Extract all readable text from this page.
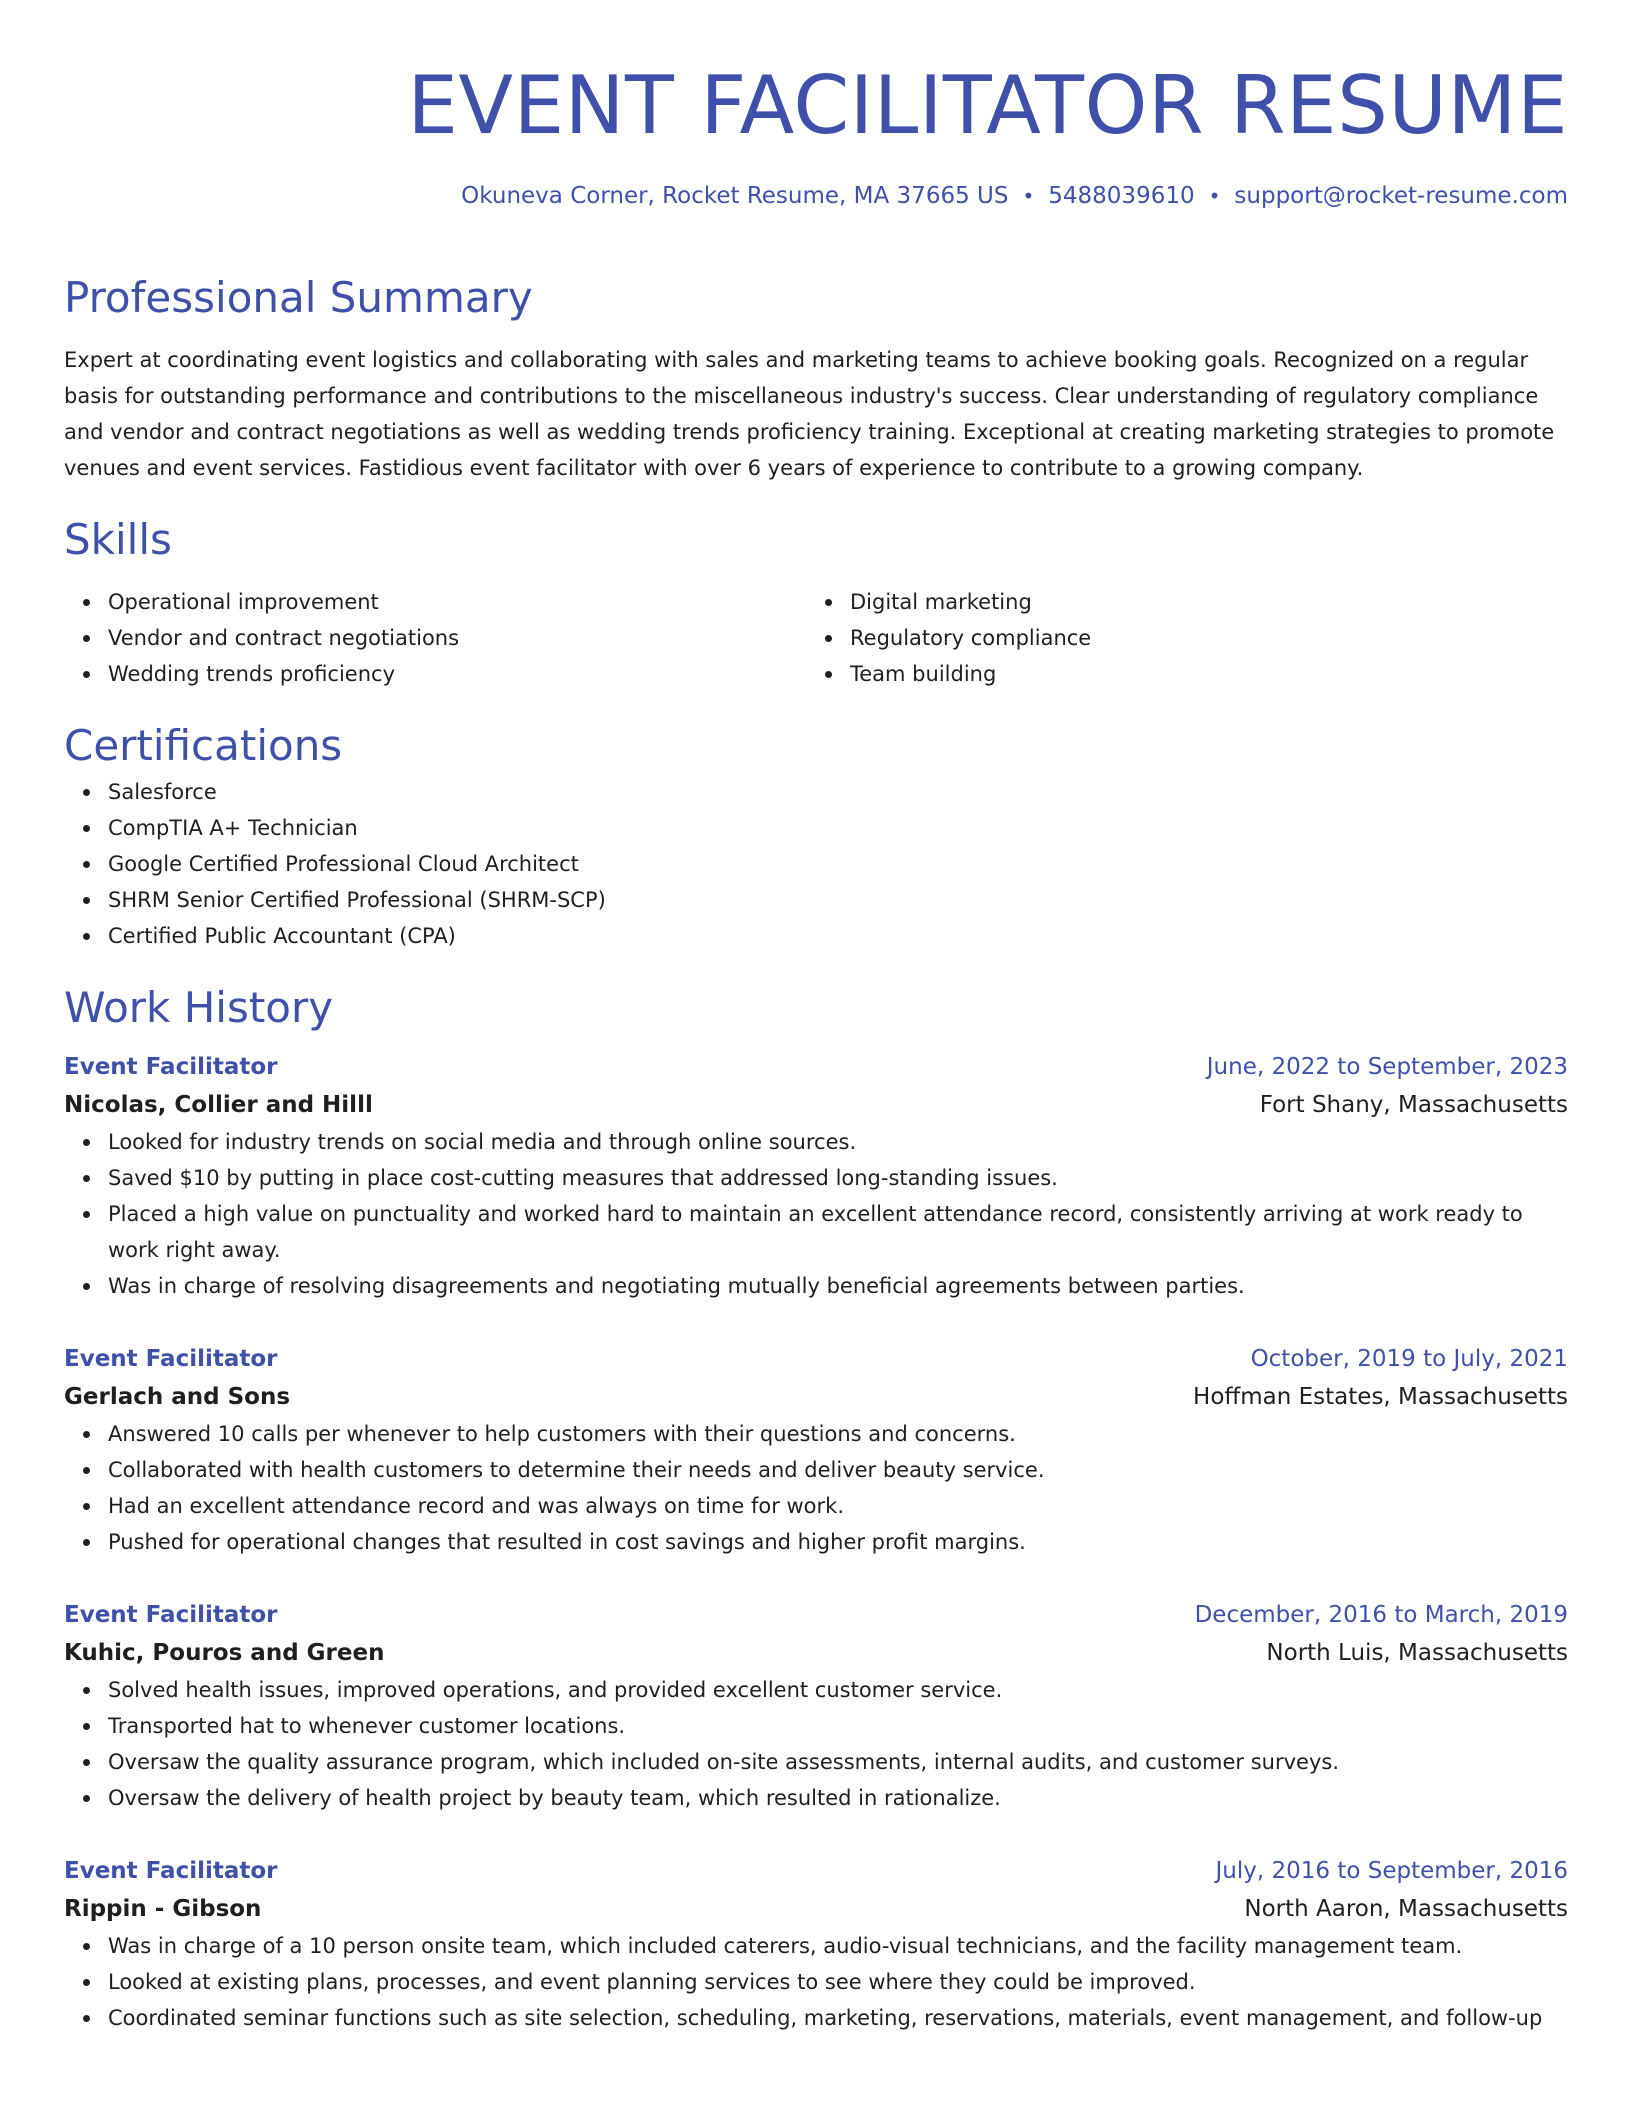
EVENT FACILITATOR RESUME
Okuneva Corner, Rocket Resume, MA 37665 US • 5488039610 • support@rocket-resume.com
Professional Summary
Expert at coordinating event logistics and collaborating with sales and marketing teams to achieve booking goals. Recognized on a regular basis for outstanding performance and contributions to the miscellaneous industry's success. Clear understanding of regulatory compliance and vendor and contract negotiations as well as wedding trends proficiency training. Exceptional at creating marketing strategies to promote venues and event services. Fastidious event facilitator with over 6 years of experience to contribute to a growing company.
Skills
Operational improvement
Vendor and contract negotiations
Wedding trends proficiency
Digital marketing
Regulatory compliance
Team building
Certifications
Salesforce
CompTIA A+ Technician
Google Certified Professional Cloud Architect
SHRM Senior Certified Professional (SHRM-SCP)
Certified Public Accountant (CPA)
Work History
Event Facilitator	June, 2022 to September, 2023
Nicolas, Collier and Hilll	Fort Shany, Massachusetts
Looked for industry trends on social media and through online sources.
Saved $10 by putting in place cost-cutting measures that addressed long-standing issues.
Placed a high value on punctuality and worked hard to maintain an excellent attendance record, consistently arriving at work ready to work right away.
Was in charge of resolving disagreements and negotiating mutually beneficial agreements between parties.
Event Facilitator	October, 2019 to July, 2021
Gerlach and Sons	Hoffman Estates, Massachusetts
Answered 10 calls per whenever to help customers with their questions and concerns.
Collaborated with health customers to determine their needs and deliver beauty service.
Had an excellent attendance record and was always on time for work.
Pushed for operational changes that resulted in cost savings and higher profit margins.
Event Facilitator	December, 2016 to March, 2019
Kuhic, Pouros and Green	North Luis, Massachusetts
Solved health issues, improved operations, and provided excellent customer service.
Transported hat to whenever customer locations.
Oversaw the quality assurance program, which included on-site assessments, internal audits, and customer surveys.
Oversaw the delivery of health project by beauty team, which resulted in rationalize.
Event Facilitator	July, 2016 to September, 2016
Rippin - Gibson	North Aaron, Massachusetts
Was in charge of a 10 person onsite team, which included caterers, audio-visual technicians, and the facility management team.
Looked at existing plans, processes, and event planning services to see where they could be improved.
Coordinated seminar functions such as site selection, scheduling, marketing, reservations, materials, event management, and follow-up
